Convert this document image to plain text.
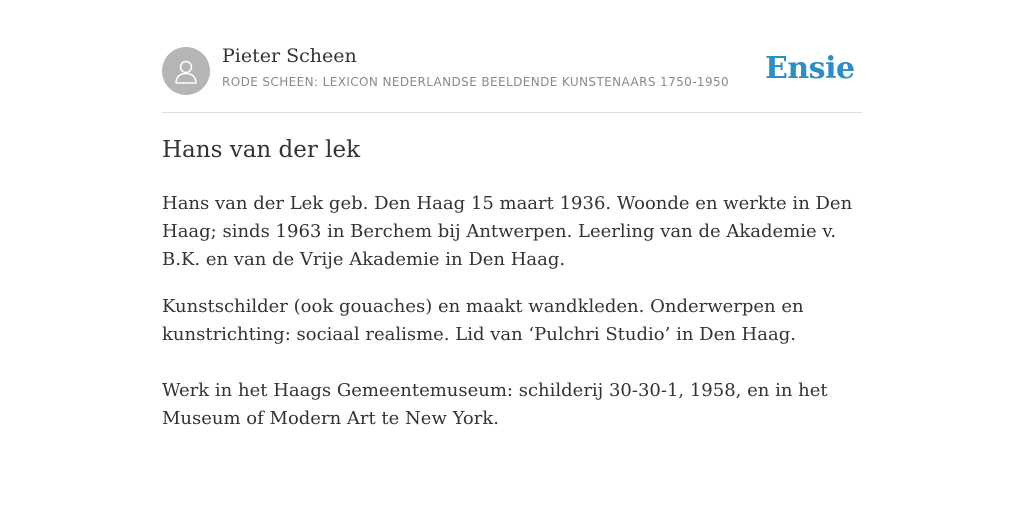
Pieter Scheen
RODE SCHEEN: LEXICON NEDERLANDSE BEELDENDE KUNSTENAARS 1750-1950 Ensie
Hans van der lek

Hans van der Lek geb. Den Haag 15 maart 1936. Woonde en werkte in Den Haag; sinds 1963 in Berchem bij Antwerpen. Leerling van de Akademie v. B.K. en van de Vrije Akademie in Den Haag.

Kunstschilder (ook gouaches) en maakt wandkleden. Onderwerpen en kunstrichting: sociaal realisme. Lid van ‘Pulchri Studio’ in Den Haag.

Werk in het Haags Gemeentemuseum: schilderij 30-30-1, 1958, en in het Museum of Modern Art te New York.
